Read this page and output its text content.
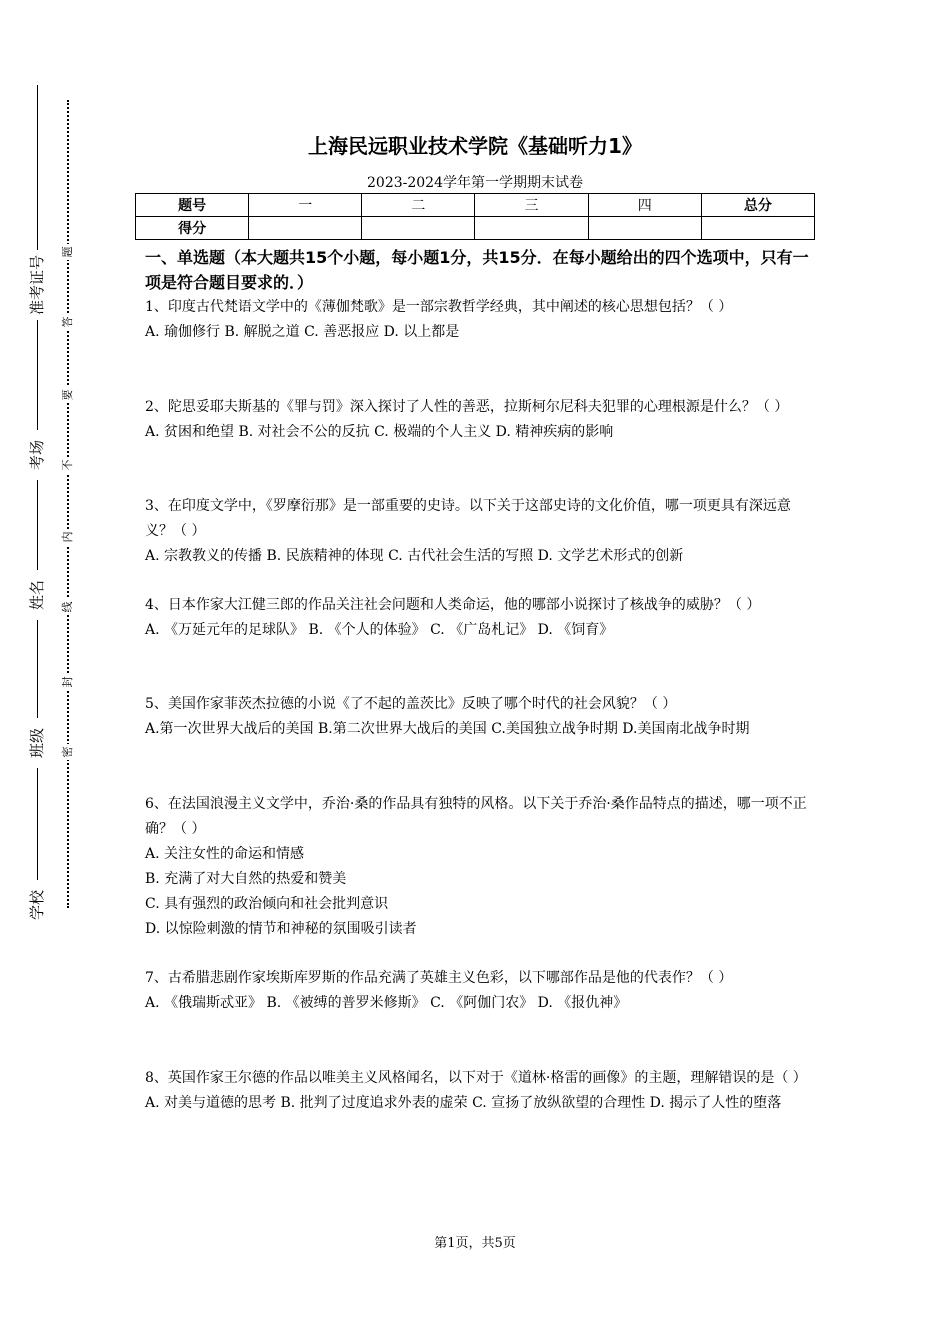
准考证号
考场
姓名
班级
学校
题
答
要
不
内
线
封
密
上海民远职业技术学院《基础听力1》
2023-2024学年第一学期期末试卷
题号	一	二	三	四	总分
得分					
一、单选题（本大题共15个小题，每小题1分，共15分．在每小题给出的四个选项中，只有一项是符合题目要求的．）

1、印度古代梵语文学中的《薄伽梵歌》是一部宗教哲学经典，其中阐述的核心思想包括？（ ）

A. 瑜伽修行 B. 解脱之道 C. 善恶报应 D. 以上都是

2、陀思妥耶夫斯基的《罪与罚》深入探讨了人性的善恶，拉斯柯尔尼科夫犯罪的心理根源是什么？（ ）

A. 贫困和绝望 B. 对社会不公的反抗 C. 极端的个人主义 D. 精神疾病的影响

3、在印度文学中，《罗摩衍那》是一部重要的史诗。以下关于这部史诗的文化价值，哪一项更具有深远意义？（ ）

A. 宗教教义的传播 B. 民族精神的体现 C. 古代社会生活的写照 D. 文学艺术形式的创新

4、日本作家大江健三郎的作品关注社会问题和人类命运，他的哪部小说探讨了核战争的威胁？（ ）

A. 《万延元年的足球队》 B. 《个人的体验》 C. 《广岛札记》 D. 《饲育》

5、美国作家菲茨杰拉德的小说《了不起的盖茨比》反映了哪个时代的社会风貌？（ ）

A.第一次世界大战后的美国 B.第二次世界大战后的美国 C.美国独立战争时期 D.美国南北战争时期

6、在法国浪漫主义文学中，乔治·桑的作品具有独特的风格。以下关于乔治·桑作品特点的描述，哪一项不正确？（ ）

A. 关注女性的命运和情感

B. 充满了对大自然的热爱和赞美

C. 具有强烈的政治倾向和社会批判意识

D. 以惊险刺激的情节和神秘的氛围吸引读者

7、古希腊悲剧作家埃斯库罗斯的作品充满了英雄主义色彩，以下哪部作品是他的代表作？（ ）

A. 《俄瑞斯忒亚》 B. 《被缚的普罗米修斯》 C. 《阿伽门农》 D. 《报仇神》

8、英国作家王尔德的作品以唯美主义风格闻名，以下对于《道林·格雷的画像》的主题，理解错误的是（ ）

A. 对美与道德的思考 B. 批判了过度追求外表的虚荣 C. 宣扬了放纵欲望的合理性 D. 揭示了人性的堕落

第1页，共5页
